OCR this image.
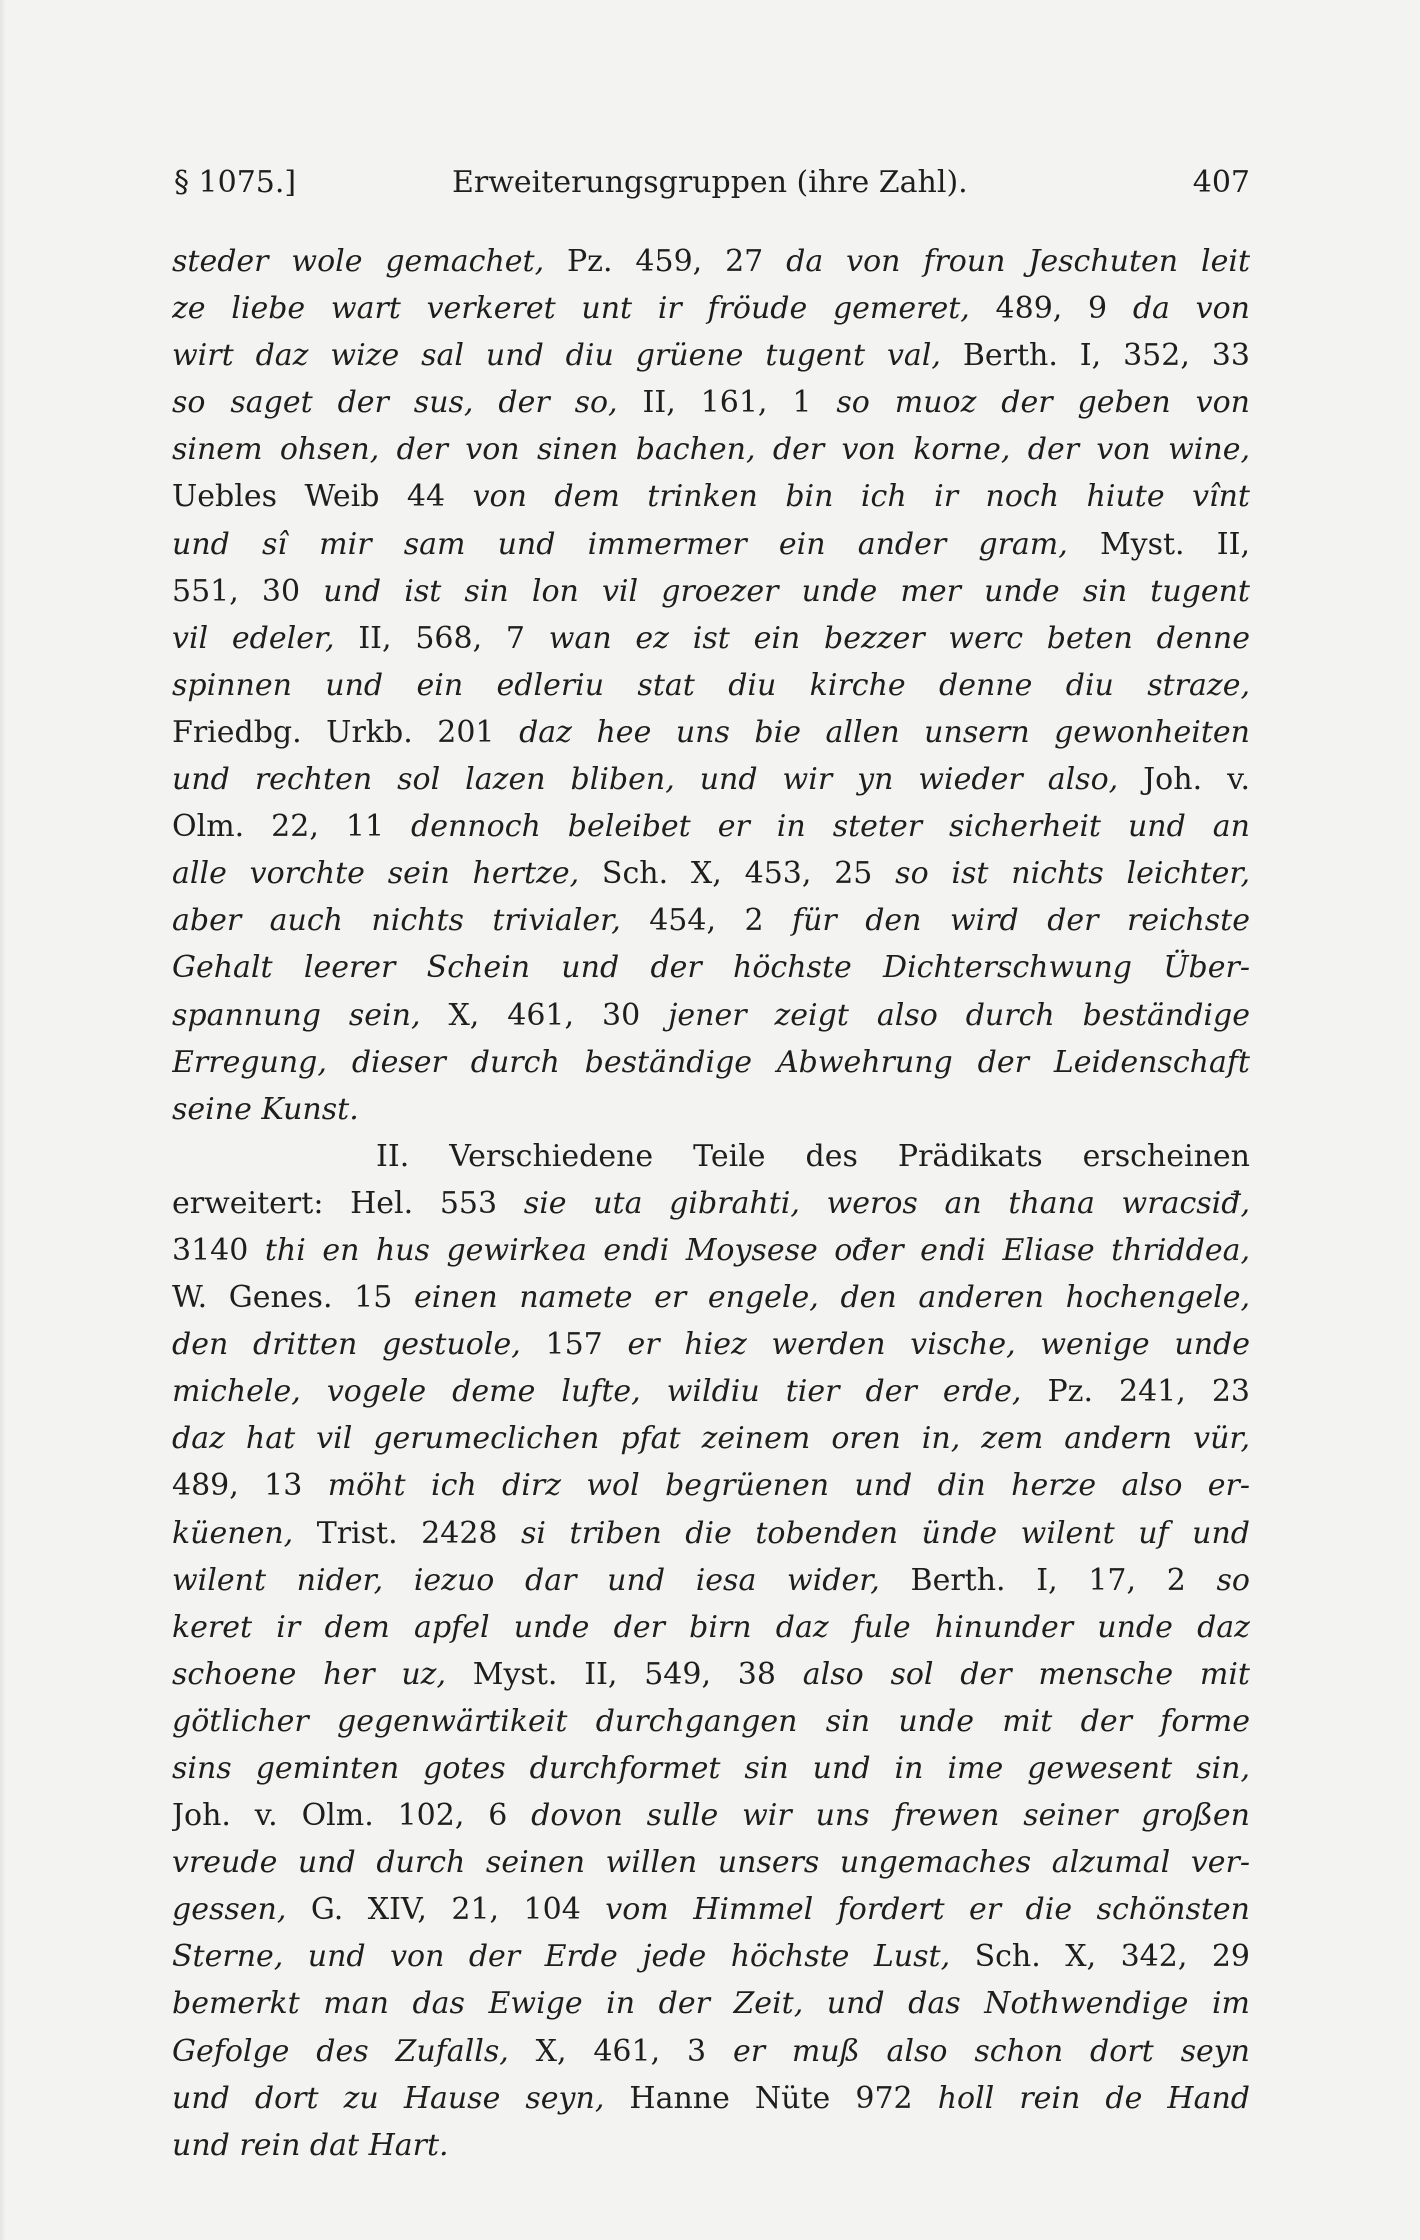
§ 1075.]	Erweiterungsgruppen (ihre Zahl).	407
steder wole gemachet, Pz. 459, 27 da von froun Jeschuten leit
ze liebe wart verkeret unt ir fröude gemeret, 489, 9 da von
wirt daz wize sal und diu grüene tugent val, Berth. I, 352, 33
so saget der sus, der so, II, 161, 1 so muoz der geben von
sinem ohsen, der von sinen bachen, der von korne, der von wine,
Uebles Weib 44 von dem trinken bin ich ir noch hiute vînt
und sî mir sam und immermer ein ander gram, Myst. II,
551, 30 und ist sin lon vil groezer unde mer unde sin tugent
vil edeler, II, 568, 7 wan ez ist ein bezzer werc beten denne
spinnen und ein edleriu stat diu kirche denne diu straze,
Friedbg. Urkb. 201 daz hee uns bie allen unsern gewonheiten
und rechten sol lazen bliben, und wir yn wieder also, Joh. v.
Olm. 22, 11 dennoch beleibet er in steter sicherheit und an
alle vorchte sein hertze, Sch. X, 453, 25 so ist nichts leichter,
aber auch nichts trivialer, 454, 2 für den wird der reichste
Gehalt leerer Schein und der höchste Dichterschwung Über-
spannung sein, X, 461, 30 jener zeigt also durch beständige
Erregung, dieser durch beständige Abwehrung der Leidenschaft
seine Kunst.
II. Verschiedene Teile des Prädikats erscheinen
erweitert: Hel. 553 sie uta gibrahti, weros an thana wracsiđ,
3140 thi en hus gewirkea endi Moysese ođer endi Eliase thriddea,
W. Genes. 15 einen namete er engele, den anderen hochengele,
den dritten gestuole, 157 er hiez werden vische, wenige unde
michele, vogele deme lufte, wildiu tier der erde, Pz. 241, 23
daz hat vil gerumeclichen pfat zeinem oren in, zem andern vür,
489, 13 möht ich dirz wol begrüenen und din herze also er-
küenen, Trist. 2428 si triben die tobenden ünde wilent uf und
wilent nider, iezuo dar und iesa wider, Berth. I, 17, 2 so
keret ir dem apfel unde der birn daz fule hinunder unde daz
schoene her uz, Myst. II, 549, 38 also sol der mensche mit
götlicher gegenwärtikeit durchgangen sin unde mit der forme
sins geminten gotes durchformet sin und in ime gewesent sin,
Joh. v. Olm. 102, 6 dovon sulle wir uns frewen seiner großen
vreude und durch seinen willen unsers ungemaches alzumal ver-
gessen, G. XIV, 21, 104 vom Himmel fordert er die schönsten
Sterne, und von der Erde jede höchste Lust, Sch. X, 342, 29
bemerkt man das Ewige in der Zeit, und das Nothwendige im
Gefolge des Zufalls, X, 461, 3 er muß also schon dort seyn
und dort zu Hause seyn, Hanne Nüte 972 holl rein de Hand
und rein dat Hart.
